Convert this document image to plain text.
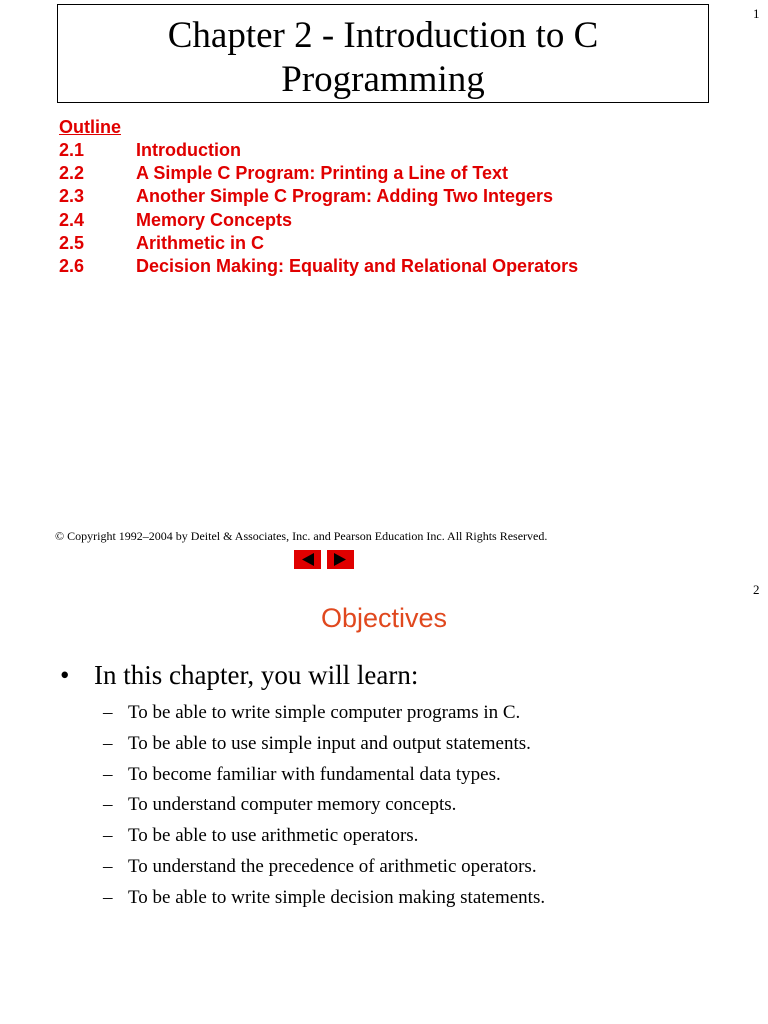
1
Chapter 2 - Introduction to C
Programming
Outline
2.1	Introduction
2.2	A Simple C Program: Printing a Line of Text
2.3	Another Simple C Program: Adding Two Integers
2.4	Memory Concepts
2.5	Arithmetic in C
2.6	Decision Making: Equality and Relational Operators
© Copyright 1992–2004 by Deitel & Associates, Inc. and Pearson Education Inc. All Rights Reserved.
2
Objectives
• In this chapter, you will learn:
– To be able to write simple computer programs in C.
– To be able to use simple input and output statements.
– To become familiar with fundamental data types.
– To understand computer memory concepts.
– To be able to use arithmetic operators.
– To understand the precedence of arithmetic operators.
– To be able to write simple decision making statements.
